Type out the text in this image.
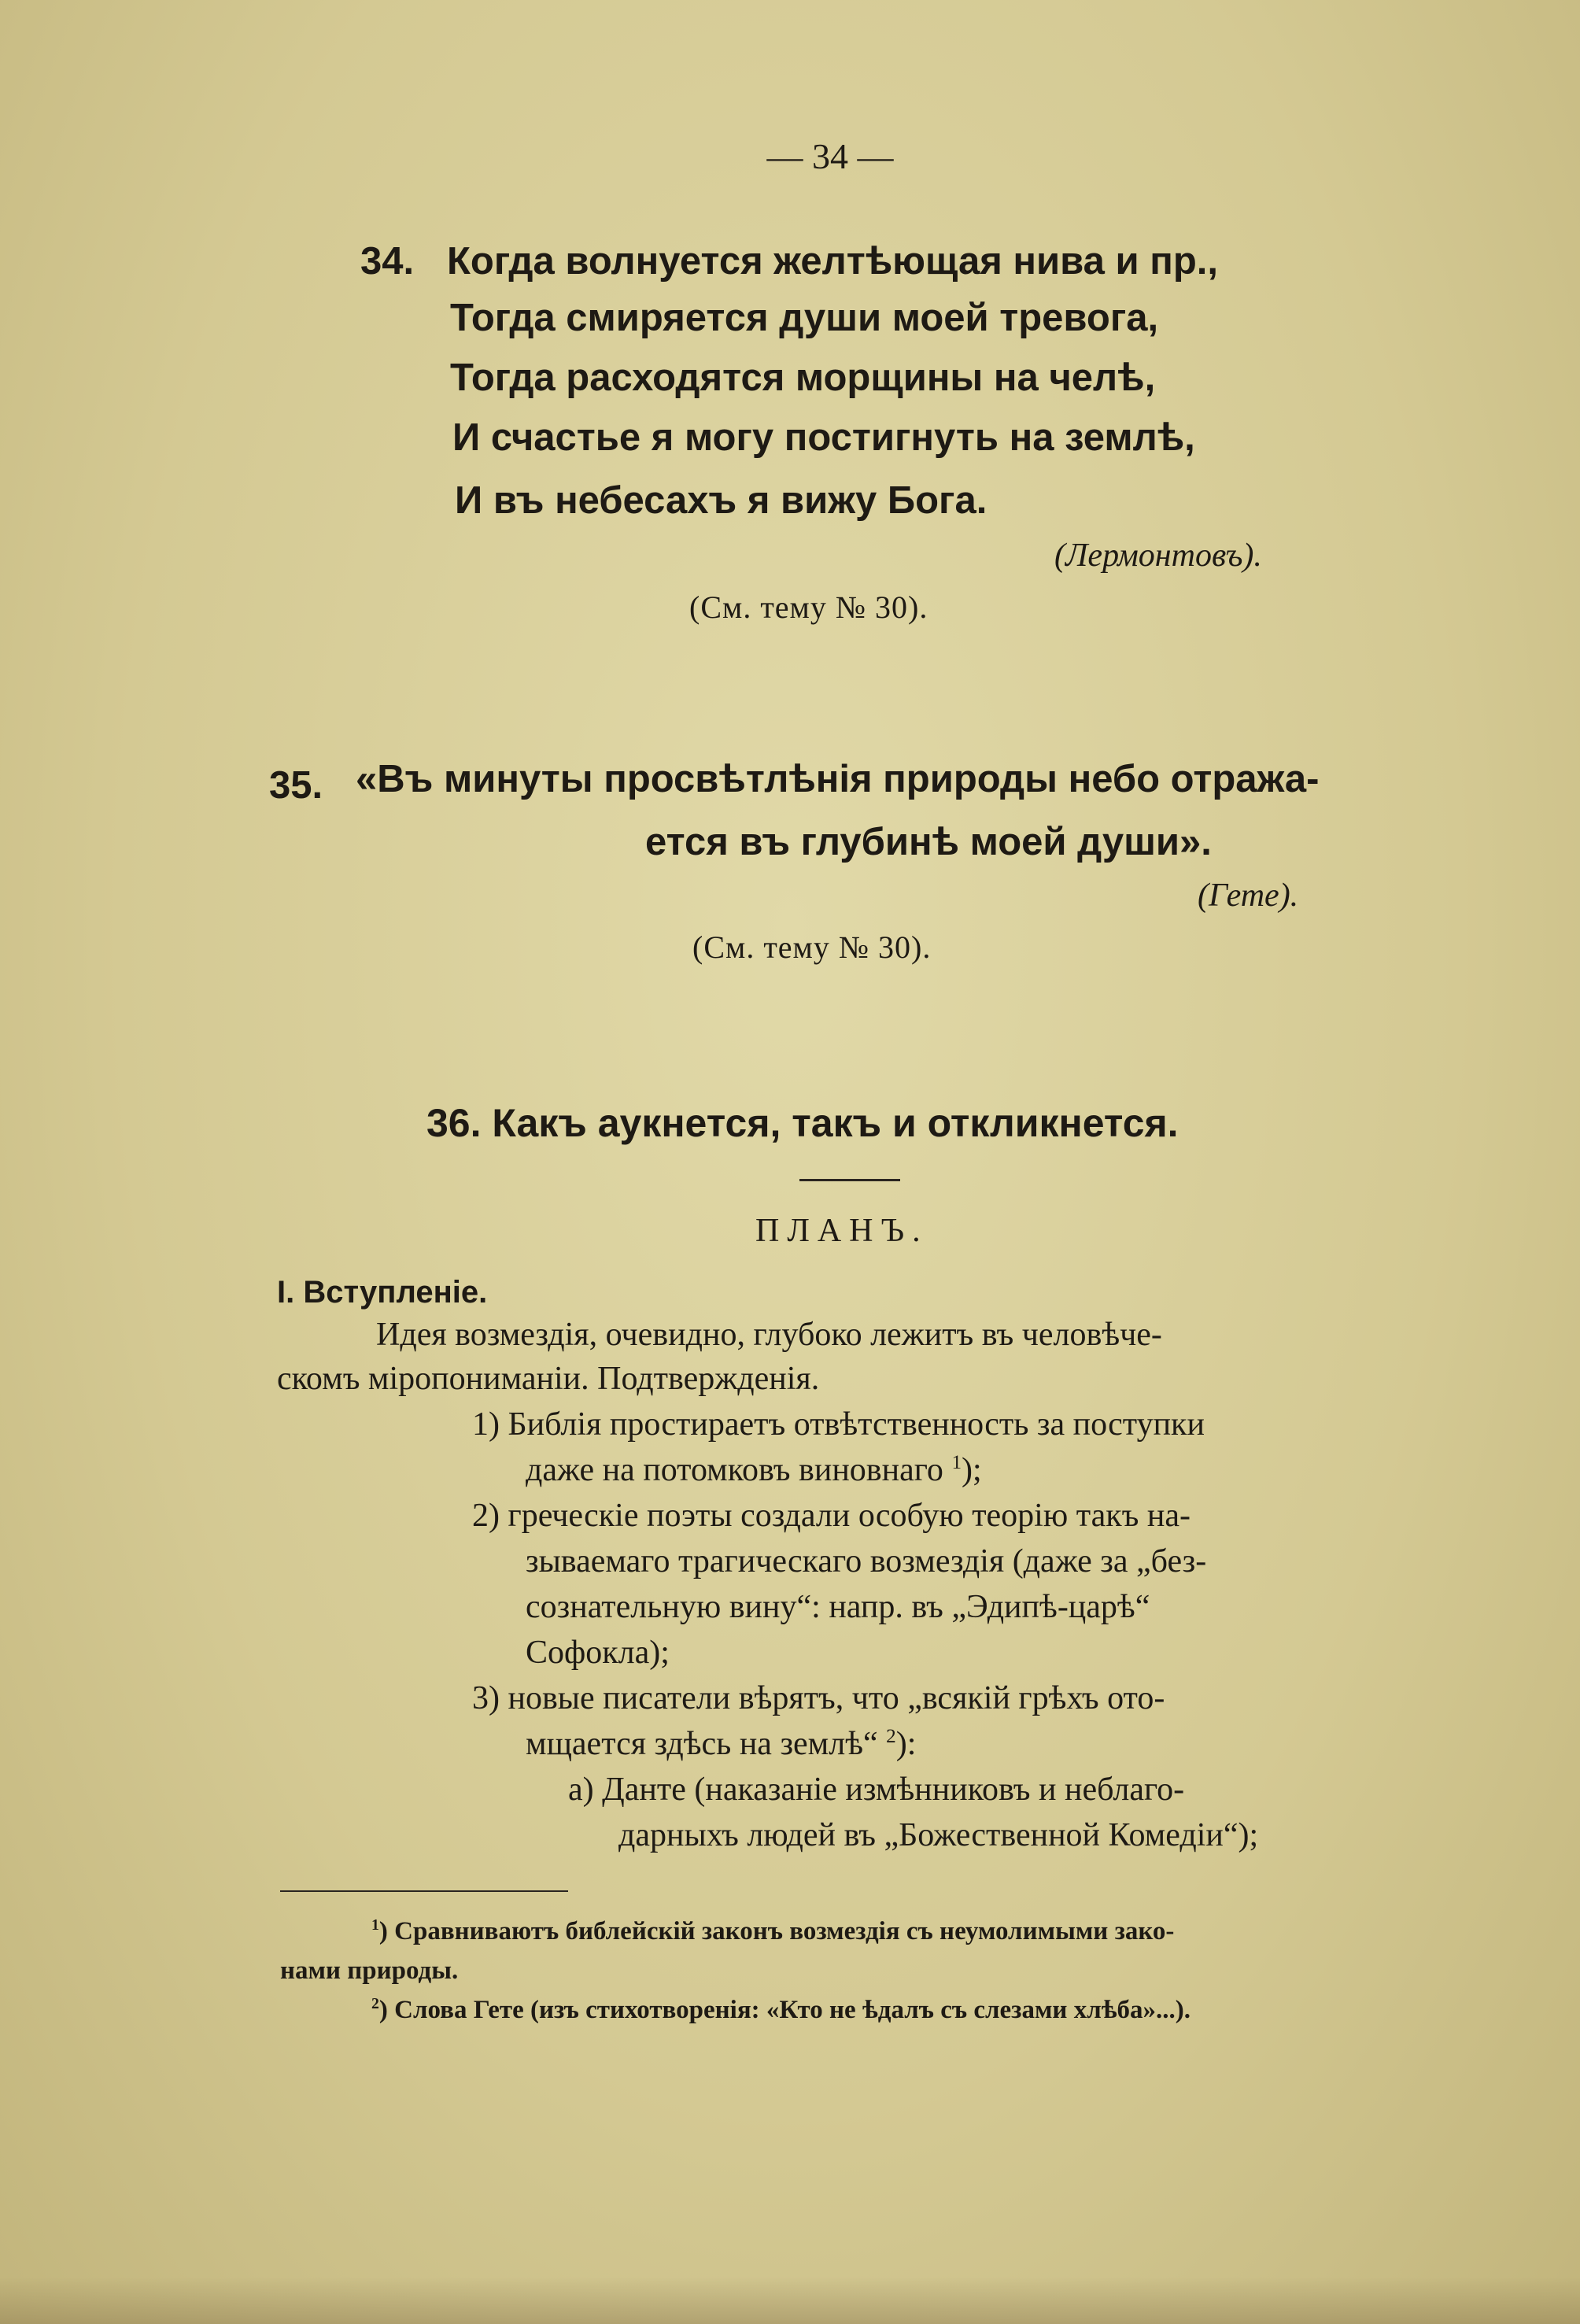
— 34 —
34. Когда волнуется желтѣющая нива и пр.,
Тогда смиряется души моей тревога,
Тогда расходятся морщины на челѣ,
И счастье я могу постигнуть на землѣ,
И въ небесахъ я вижу Бога.
(Лермонтовъ).
(См. тему № 30).
35. «Въ минуты просвѣтлѣнія природы небо отража-
ется въ глубинѣ моей души».
(Гете).
(См. тему № 30).
36. Какъ аукнется, такъ и откликнется.
ПЛАНЪ.
I. Вступленіе.
Идея возмездія, очевидно, глубоко лежитъ въ человѣче-
скомъ міропониманіи. Подтвержденія.
1) Библія простираетъ отвѣтственность за поступки
даже на потомковъ виновнаго $^1$);
2) греческіе поэты создали особую теорію такъ на-
зываемаго трагическаго возмездія (даже за „без-
сознательную вину“: напр. въ „Эдипѣ-царѣ“
Софокла);
3) новые писатели вѣрятъ, что „всякій грѣхъ ото-
мщается здѣсь на землѣ“ $^2$):
а) Данте (наказаніе измѣнниковъ и неблаго-
дарныхъ людей въ „Божественной Комедіи“);
$^1$) Сравниваютъ библейскій законъ возмездія съ неумолимыми зако-
нами природы.
$^2$) Слова Гете (изъ стихотворенія: «Кто не ѣдалъ съ слезами хлѣба»...).
